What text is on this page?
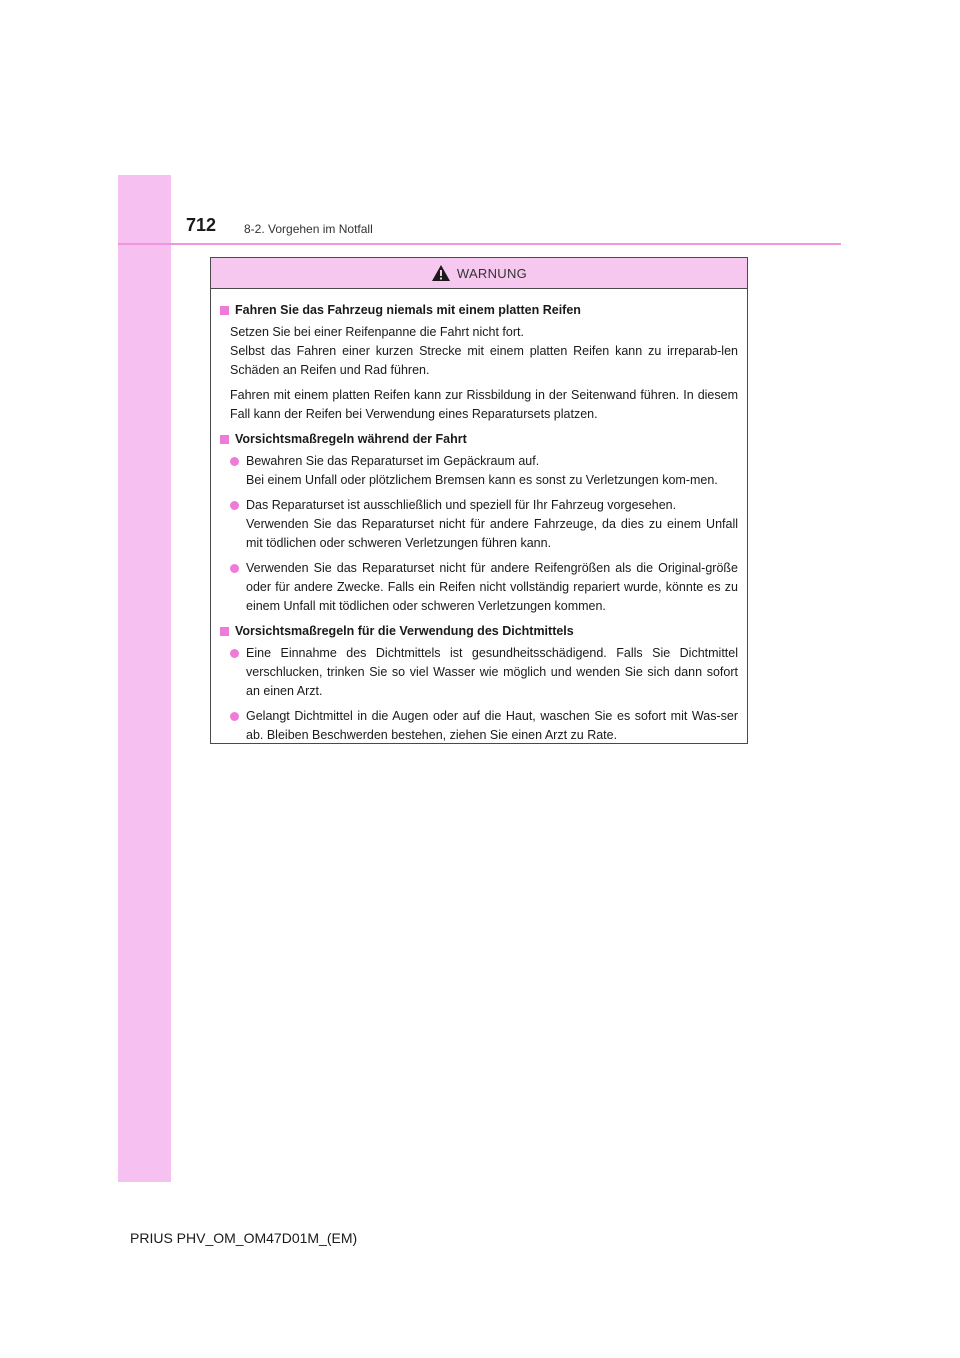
712 8-2. Vorgehen im Notfall
WARNUNG
Fahren Sie das Fahrzeug niemals mit einem platten Reifen
Setzen Sie bei einer Reifenpanne die Fahrt nicht fort.
Selbst das Fahren einer kurzen Strecke mit einem platten Reifen kann zu irreparab-len Schäden an Reifen und Rad führen.
Fahren mit einem platten Reifen kann zur Rissbildung in der Seitenwand führen. In diesem Fall kann der Reifen bei Verwendung eines Reparatursets platzen.
Vorsichtsmaßregeln während der Fahrt
Bewahren Sie das Reparaturset im Gepäckraum auf.
Bei einem Unfall oder plötzlichem Bremsen kann es sonst zu Verletzungen kom-men.
Das Reparaturset ist ausschließlich und speziell für Ihr Fahrzeug vorgesehen.
Verwenden Sie das Reparaturset nicht für andere Fahrzeuge, da dies zu einem Unfall mit tödlichen oder schweren Verletzungen führen kann.
Verwenden Sie das Reparaturset nicht für andere Reifengrößen als die Original-größe oder für andere Zwecke. Falls ein Reifen nicht vollständig repariert wurde, könnte es zu einem Unfall mit tödlichen oder schweren Verletzungen kommen.
Vorsichtsmaßregeln für die Verwendung des Dichtmittels
Eine Einnahme des Dichtmittels ist gesundheitsschädigend. Falls Sie Dichtmittel verschlucken, trinken Sie so viel Wasser wie möglich und wenden Sie sich dann sofort an einen Arzt.
Gelangt Dichtmittel in die Augen oder auf die Haut, waschen Sie es sofort mit Was-ser ab. Bleiben Beschwerden bestehen, ziehen Sie einen Arzt zu Rate.
PRIUS PHV_OM_OM47D01M_(EM)
